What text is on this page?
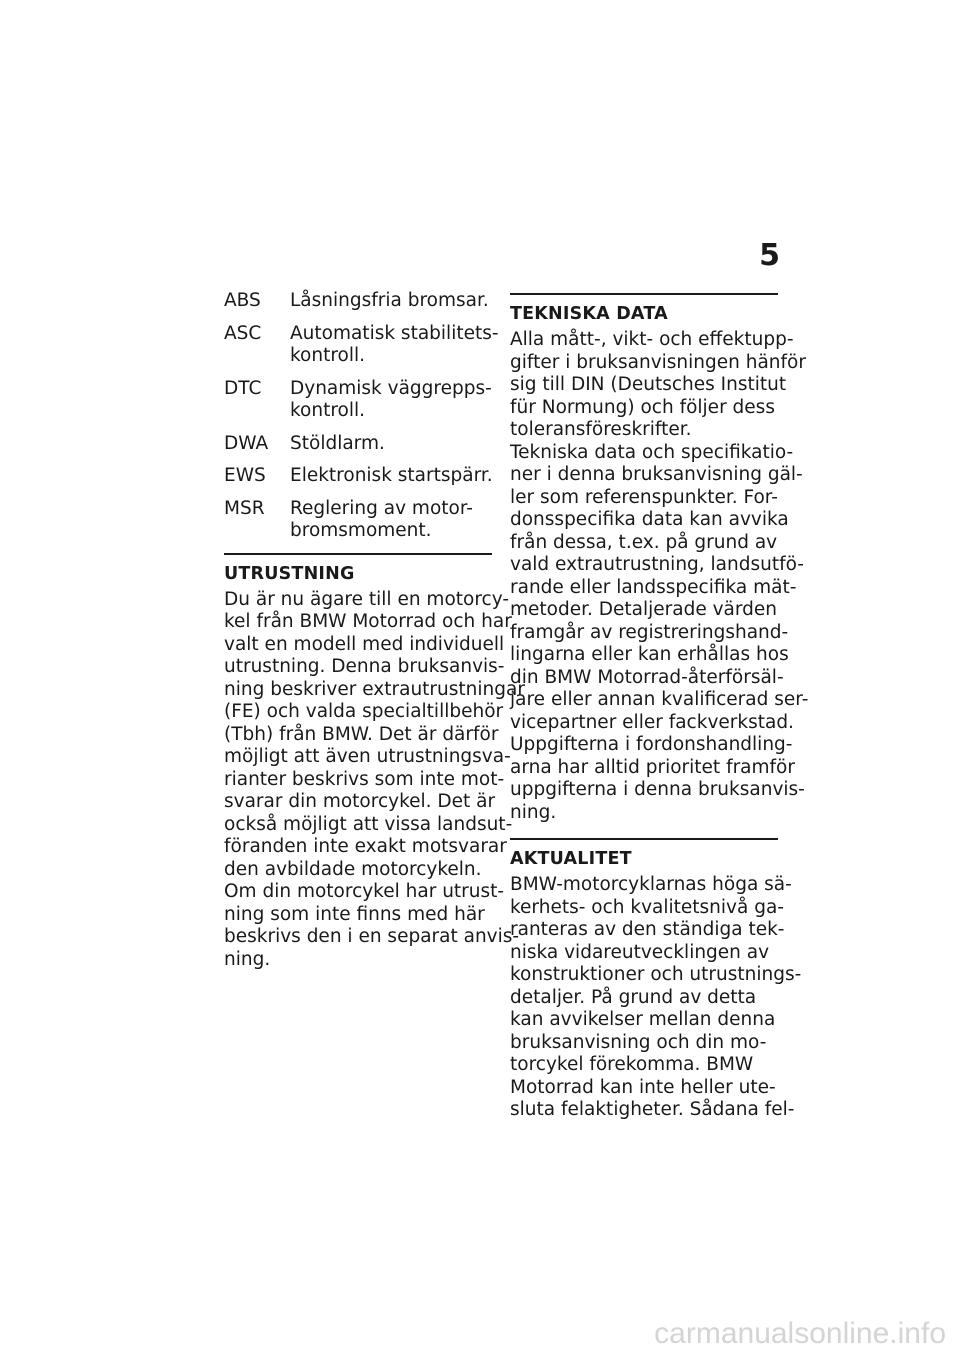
5
ABS	Låsningsfria bromsar.
ASC	Automatisk stabilitets-
kontroll.
DTC	Dynamisk väggrepps-
kontroll.
DWA	Stöldlarm.
EWS	Elektronisk startspärr.
MSR	Reglering av motor-
bromsmoment.
UTRUSTNING

Du är nu ägare till en motorcy-
kel från BMW Motorrad och har
valt en modell med individuell
utrustning. Denna bruksanvis-
ning beskriver extrautrustningar
(FE) och valda specialtillbehör
(Tbh) från BMW. Det är därför
möjligt att även utrustningsva-
rianter beskrivs som inte mot-
svarar din motorcykel. Det är
också möjligt att vissa landsut-
föranden inte exakt motsvarar
den avbildade motorcykeln.

Om din motorcykel har utrust-
ning som inte finns med här
beskrivs den i en separat anvis-
ning.

TEKNISKA DATA

Alla mått-, vikt- och effektupp-
gifter i bruksanvisningen hänför
sig till DIN (Deutsches Institut
für Normung) och följer dess
toleransföreskrifter.

Tekniska data och specifikatio-
ner i denna bruksanvisning gäl-
ler som referenspunkter. For-
donsspecifika data kan avvika
från dessa, t.ex. på grund av
vald extrautrustning, landsutfö-
rande eller landsspecifika mät-
metoder. Detaljerade värden
framgår av registreringshand-
lingarna eller kan erhållas hos
din BMW Motorrad-återförsäl-
jare eller annan kvalificerad ser-
vicepartner eller fackverkstad.

Uppgifterna i fordonshandling-
arna har alltid prioritet framför
uppgifterna i denna bruksanvis-
ning.

AKTUALITET

BMW-motorcyklarnas höga sä-
kerhets- och kvalitetsnivå ga-
ranteras av den ständiga tek-
niska vidareutvecklingen av
konstruktioner och utrustnings-
detaljer. På grund av detta
kan avvikelser mellan denna
bruksanvisning och din mo-
torcykel förekomma. BMW
Motorrad kan inte heller ute-
sluta felaktigheter. Sådana fel-

carmanualsonline.info
